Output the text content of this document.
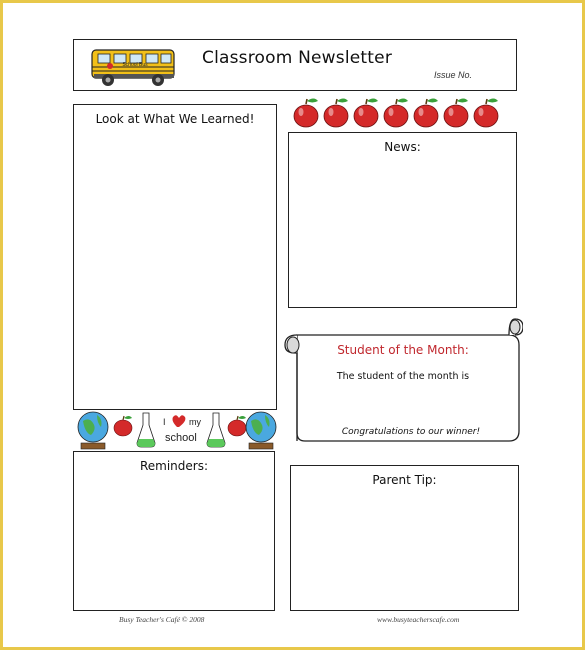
School Bus	Classroom Newsletter
Issue No.
Look at What We Learned!
News:
Student of the Month:
The student of the month is
Congratulations to our winner!
I	my
school
Reminders:
Parent Tip:
Busy Teacher's Café © 2008	www.busyteacherscafe.com
